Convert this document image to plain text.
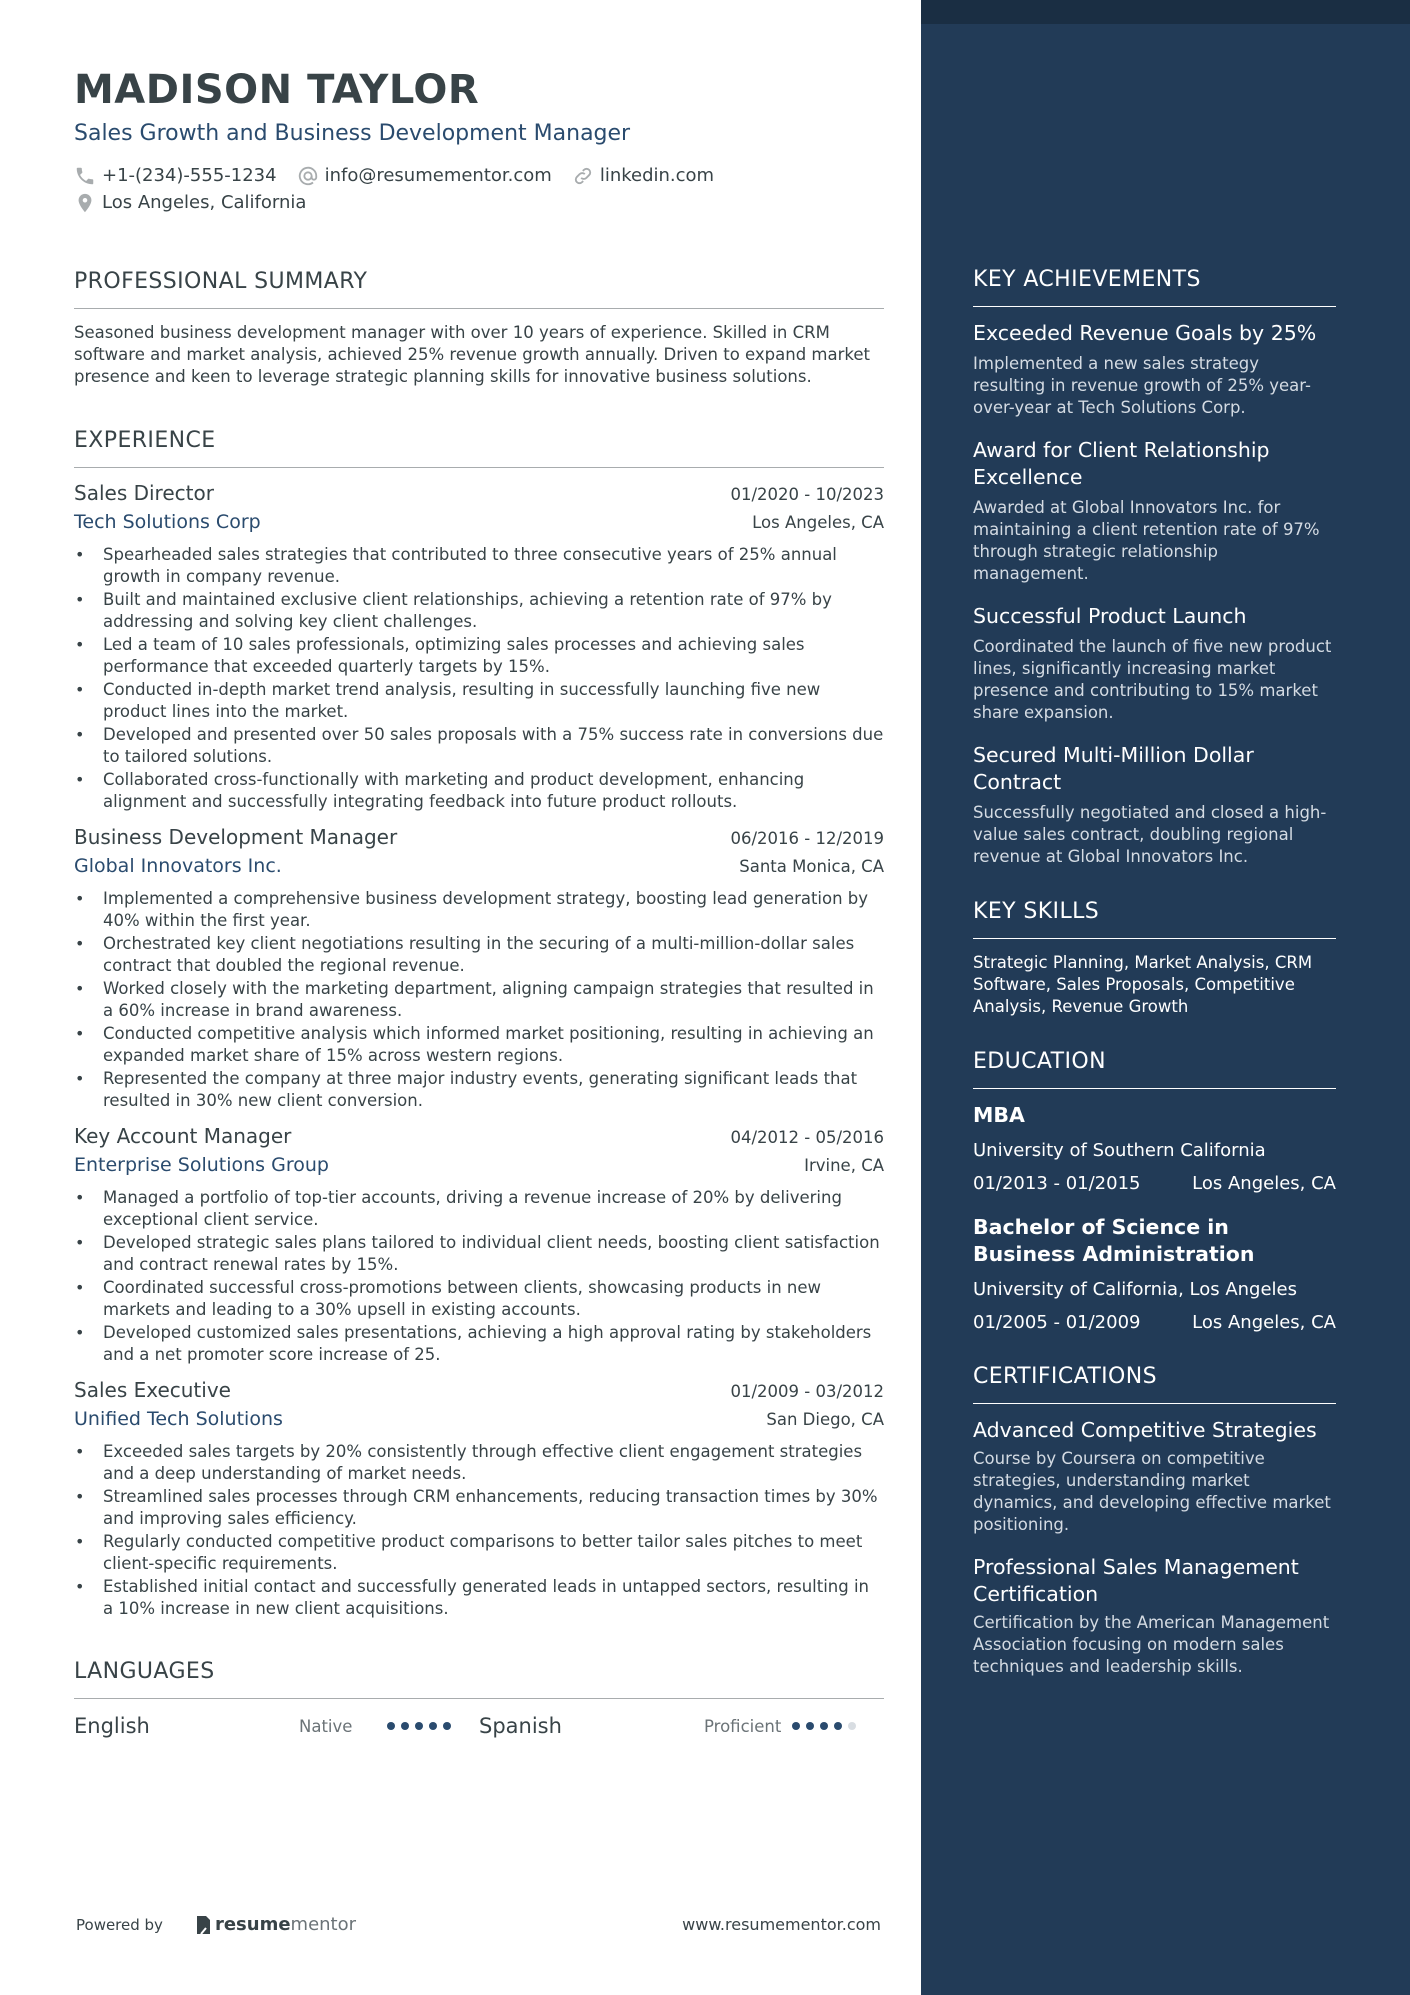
MADISON TAYLOR
Sales Growth and Business Development Manager
+1-(234)-555-1234	info@resumementor.com	linkedin.com
Los Angeles, California
PROFESSIONAL SUMMARY

Seasoned business development manager with over 10 years of experience. Skilled in CRM software and market analysis, achieved 25% revenue growth annually. Driven to expand market presence and keen to leverage strategic planning skills for innovative business solutions.

EXPERIENCE
Sales Director	01/2020 - 10/2023
Tech Solutions Corp	Los Angeles, CA
• Spearheaded sales strategies that contributed to three consecutive years of 25% annual growth in company revenue.
• Built and maintained exclusive client relationships, achieving a retention rate of 97% by addressing and solving key client challenges.
• Led a team of 10 sales professionals, optimizing sales processes and achieving sales performance that exceeded quarterly targets by 15%.
• Conducted in-depth market trend analysis, resulting in successfully launching five new product lines into the market.
• Developed and presented over 50 sales proposals with a 75% success rate in conversions due to tailored solutions.
• Collaborated cross-functionally with marketing and product development, enhancing alignment and successfully integrating feedback into future product rollouts.
Business Development Manager	06/2016 - 12/2019
Global Innovators Inc.	Santa Monica, CA
• Implemented a comprehensive business development strategy, boosting lead generation by 40% within the first year.
• Orchestrated key client negotiations resulting in the securing of a multi-million-dollar sales contract that doubled the regional revenue.
• Worked closely with the marketing department, aligning campaign strategies that resulted in a 60% increase in brand awareness.
• Conducted competitive analysis which informed market positioning, resulting in achieving an expanded market share of 15% across western regions.
• Represented the company at three major industry events, generating significant leads that resulted in 30% new client conversion.
Key Account Manager	04/2012 - 05/2016
Enterprise Solutions Group	Irvine, CA
• Managed a portfolio of top-tier accounts, driving a revenue increase of 20% by delivering exceptional client service.
• Developed strategic sales plans tailored to individual client needs, boosting client satisfaction and contract renewal rates by 15%.
• Coordinated successful cross-promotions between clients, showcasing products in new markets and leading to a 30% upsell in existing accounts.
• Developed customized sales presentations, achieving a high approval rating by stakeholders and a net promoter score increase of 25.
Sales Executive	01/2009 - 03/2012
Unified Tech Solutions	San Diego, CA
• Exceeded sales targets by 20% consistently through effective client engagement strategies and a deep understanding of market needs.
• Streamlined sales processes through CRM enhancements, reducing transaction times by 30% and improving sales efficiency.
• Regularly conducted competitive product comparisons to better tailor sales pitches to meet client-specific requirements.
• Established initial contact and successfully generated leads in untapped sectors, resulting in a 10% increase in new client acquisitions.
LANGUAGES
English	Native	Spanish	Proficient
Powered by	resume mentor	www.resumementor.com
KEY ACHIEVEMENTS
Exceeded Revenue Goals by 25%

Implemented a new sales strategy resulting in revenue growth of 25% year-over-year at Tech Solutions Corp.

Award for Client Relationship Excellence

Awarded at Global Innovators Inc. for maintaining a client retention rate of 97% through strategic relationship management.

Successful Product Launch

Coordinated the launch of five new product lines, significantly increasing market presence and contributing to 15% market share expansion.

Secured Multi-Million Dollar Contract

Successfully negotiated and closed a high-value sales contract, doubling regional revenue at Global Innovators Inc.

KEY SKILLS
Strategic Planning, Market Analysis, CRM Software, Sales Proposals, Competitive Analysis, Revenue Growth
EDUCATION
MBA
University of Southern California
01/2013 - 01/2015	Los Angeles, CA
Bachelor of Science in Business Administration
University of California, Los Angeles
01/2005 - 01/2009	Los Angeles, CA
CERTIFICATIONS
Advanced Competitive Strategies

Course by Coursera on competitive strategies, understanding market dynamics, and developing effective market positioning.

Professional Sales Management Certification

Certification by the American Management Association focusing on modern sales techniques and leadership skills.
